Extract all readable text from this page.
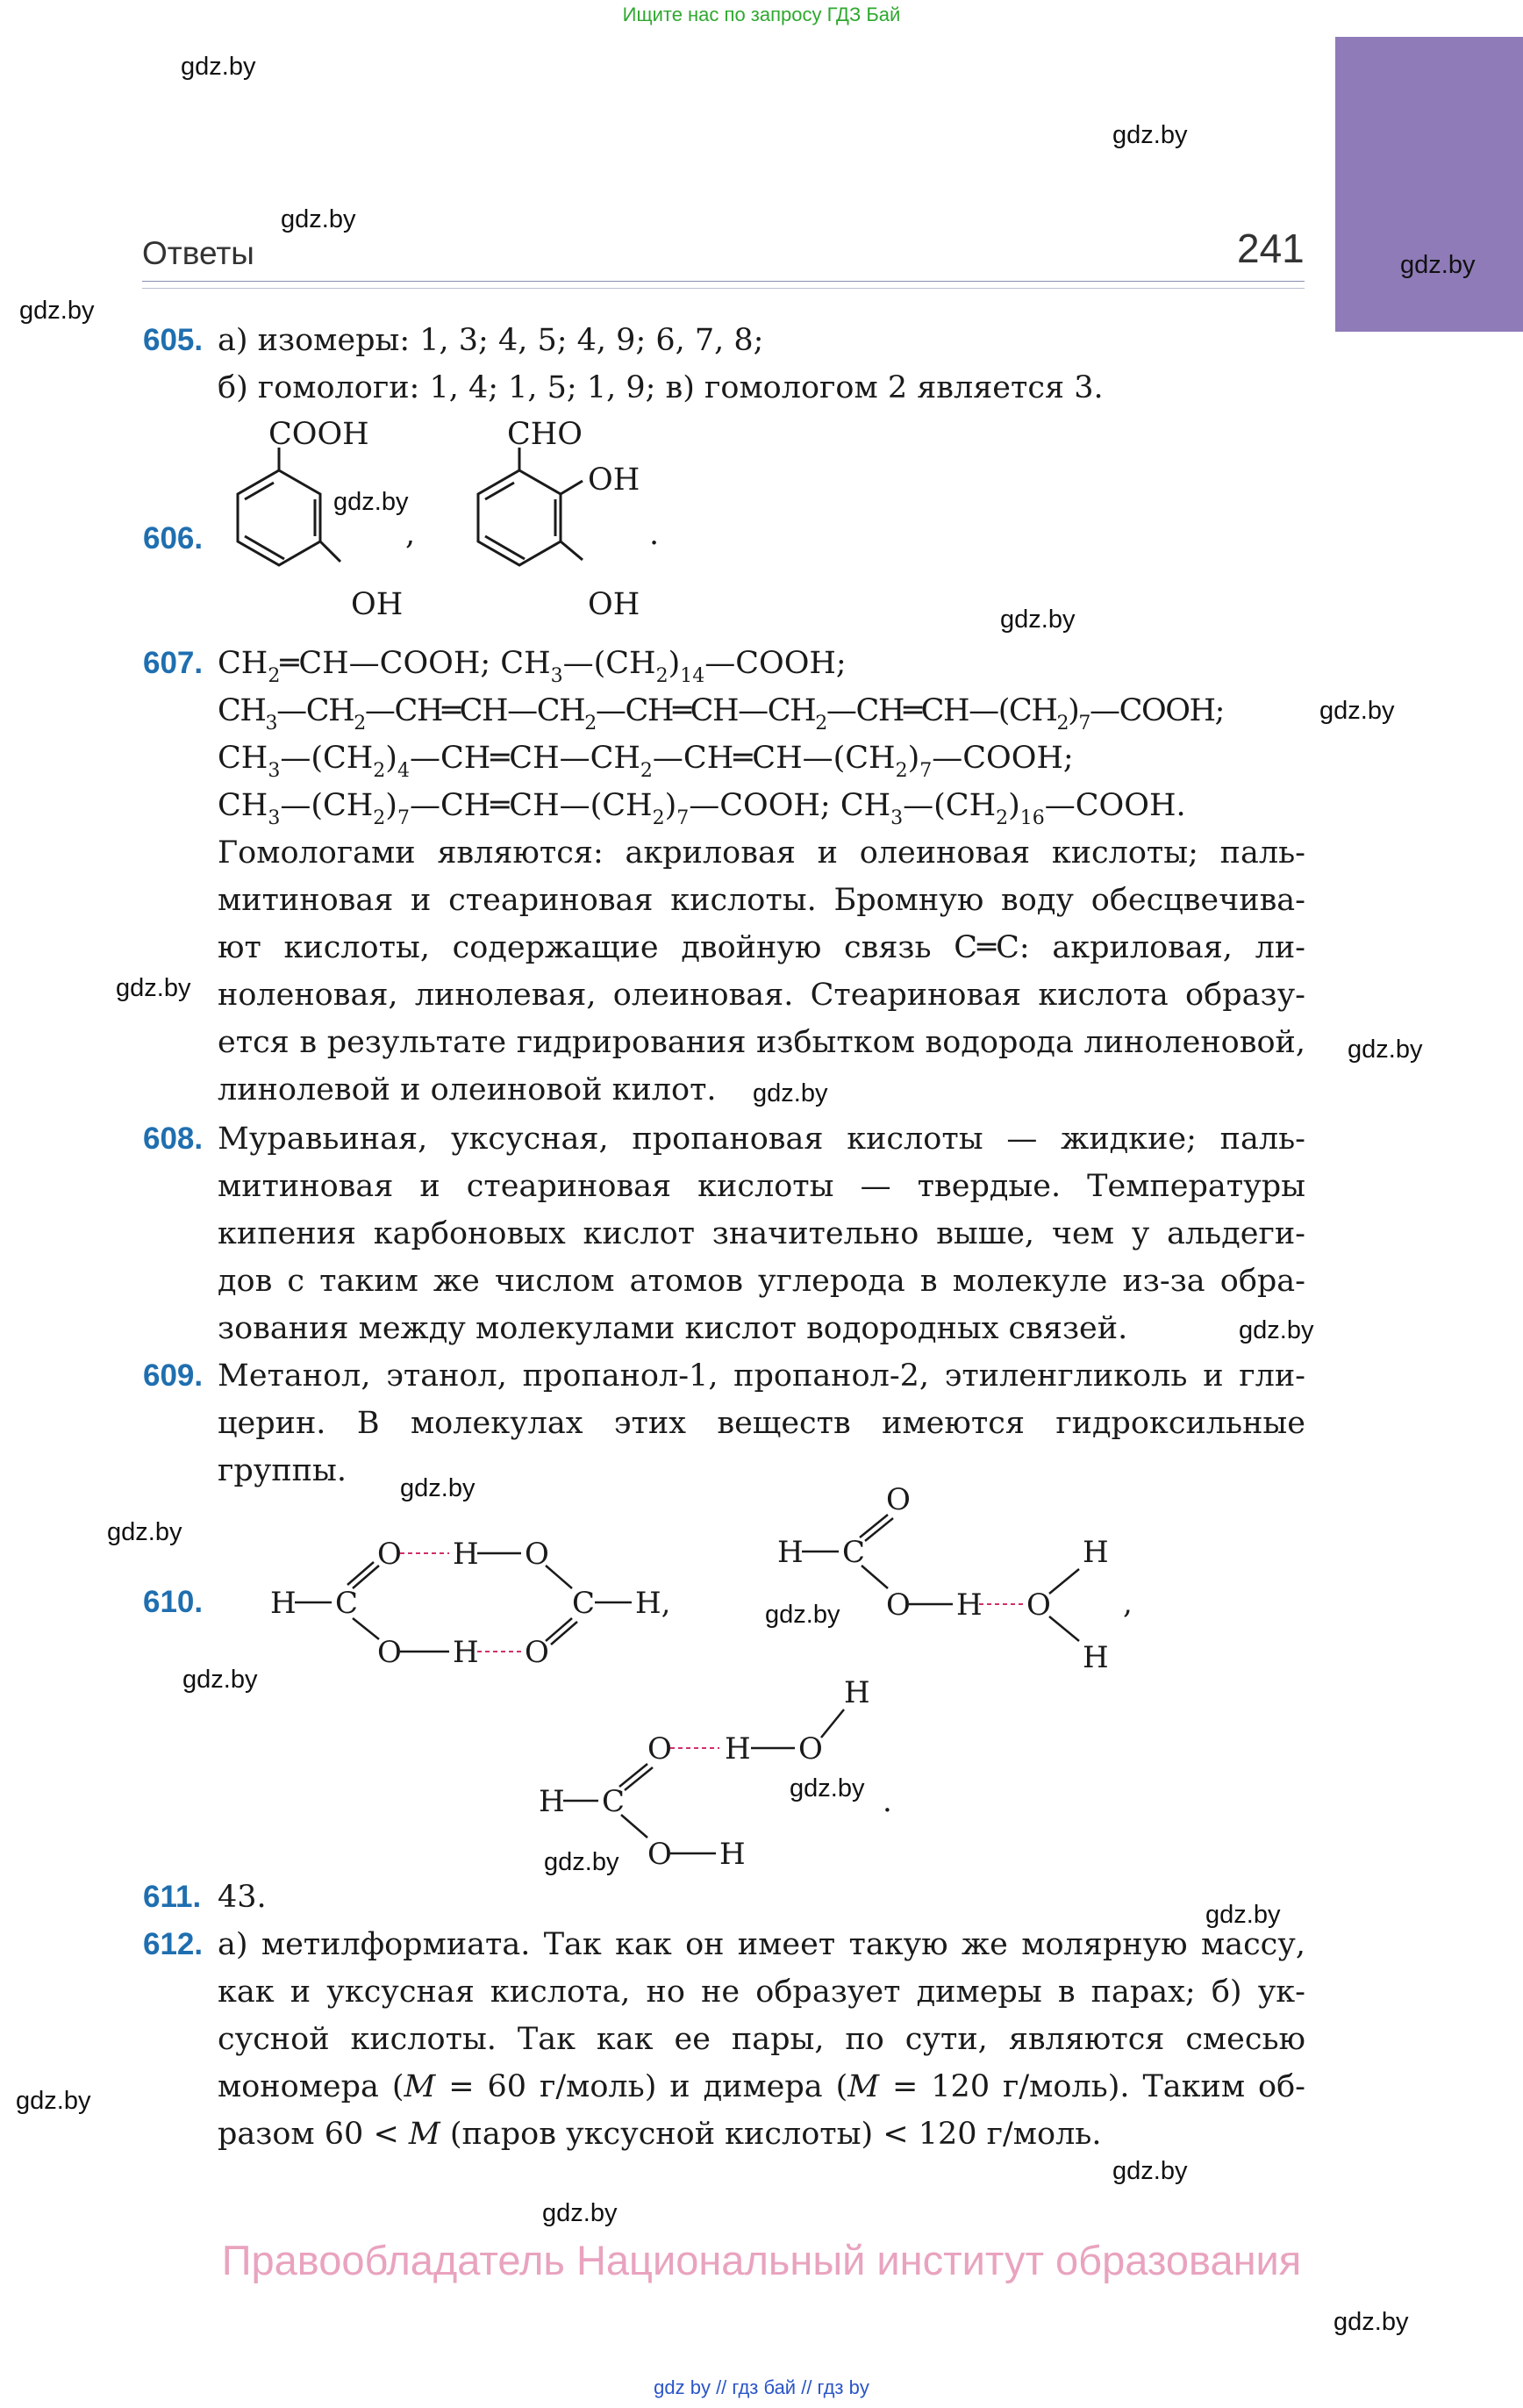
Ищите нас по запросу ГДЗ Бай
Ответы	241
gdz.by
gdz.by
gdz.by
gdz.by
gdz.by
gdz.by
gdz.by
gdz.by
gdz.by
gdz.by
gdz.by
gdz.by
gdz.by
gdz.by
gdz.by
gdz.by
gdz.by
gdz.by
gdz.by
gdz.by
gdz.by
gdz.by
gdz.by
605. а) изомеры: 1, 3; 4, 5; 4, 9; 6, 7, 8;
б) гомологи: 1, 4; 1, 5; 1, 9; в) гомологом 2 является 3.
606.
COOH
OH
,
CHO
OH
OH
.
607. $CH_2═CH—COOH$; $CH_3—(CH_2)_{14}—COOH$;
$CH_3—CH_2—CH═CH—CH_2—CH═CH—CH_2—CH═CH—(CH_2)_7—COOH$;
$CH_3—(CH_2)_4—CH═CH—CH_2—CH═CH—(CH_2)_7—COOH$;
$CH_3—(CH_2)_7—CH═CH—(CH_2)_7—COOH$; $CH_3—(CH_2)_{16}—COOH$.
Гомологами являются: акриловая и олеиновая кислоты; паль-
митиновая и стеариновая кислоты. Бромную воду обесцвечива-
ют кислоты, содержащие двойную связь C═C: акриловая, ли-
ноленовая, линолевая, олеиновая. Стеариновая кислота образу-
ется в результате гидрирования избытком водорода линоленовой,
линолевой и олеиновой килот.
608. Муравьиная, уксусная, пропановая кислоты — жидкие; паль-
митиновая и стеариновая кислоты — твердые. Температуры
кипения карбоновых кислот значительно выше, чем у альдеги-
дов с таким же числом атомов углерода в молекуле из-за обра-
зования между молекулами кислот водородных связей.
609. Метанол, этанол, пропанол-1, пропанол-2, этиленгликоль и гли-
церин. В молекулах этих веществ имеются гидроксильные
группы.
610. H C
O H O
C H,
O H O
O
H C
O H O
H
H
,
H
O
H
O
H C
O H
.
611. 43.
612. а) метилформиата. Так как он имеет такую же молярную массу,
как и уксусная кислота, но не образует димеры в парах; б) ук-
сусной кислоты. Так как ее пары, по сути, являются смесью
мономера (M = 60 г/моль) и димера (M = 120 г/моль). Таким об-
разом 60 < M (паров уксусной кислоты) < 120 г/моль.
Правообладатель Национальный институт образования
gdz by // гдз бай // гдз by
